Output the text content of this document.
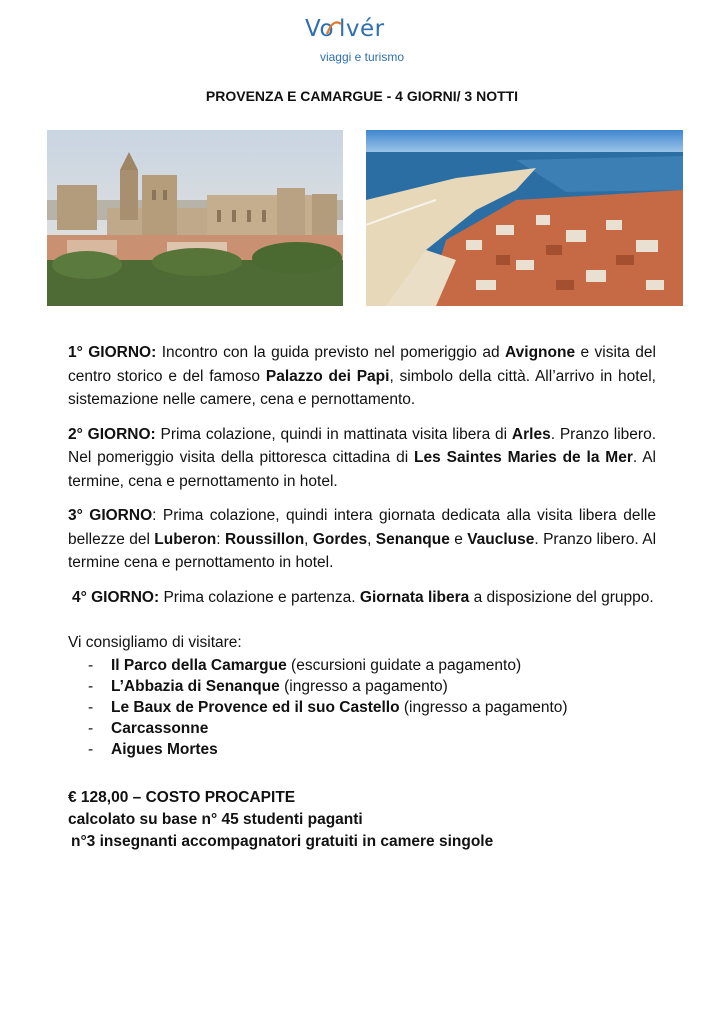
Vo lvér
viaggi e turismo
PROVENZA E CAMARGUE - 4 GIORNI/ 3 NOTTI

1° GIORNO: Incontro con la guida previsto nel pomeriggio ad Avignone e visita del centro storico e del famoso Palazzo dei Papi, simbolo della città. All’arrivo in hotel, sistemazione nelle camere, cena e pernottamento.

2° GIORNO: Prima colazione, quindi in mattinata visita libera di Arles. Pranzo libero. Nel pomeriggio visita della pittoresca cittadina di Les Saintes Maries de la Mer. Al termine, cena e pernottamento in hotel.

3° GIORNO: Prima colazione, quindi intera giornata dedicata alla visita libera delle bellezze del Luberon: Roussillon, Gordes, Senanque e Vaucluse. Pranzo libero. Al termine cena e pernottamento in hotel.

4° GIORNO: Prima colazione e partenza. Giornata libera a disposizione del gruppo.

Vi consigliamo di visitare:
- Il Parco della Camargue (escursioni guidate a pagamento)
- L’Abbazia di Senanque (ingresso a pagamento)
- Le Baux de Provence ed il suo Castello (ingresso a pagamento)
- Carcassonne
- Aigues Mortes
€ 128,00 – COSTO PROCAPITE
calcolato su base n° 45 studenti paganti
n°3 insegnanti accompagnatori gratuiti in camere singole
